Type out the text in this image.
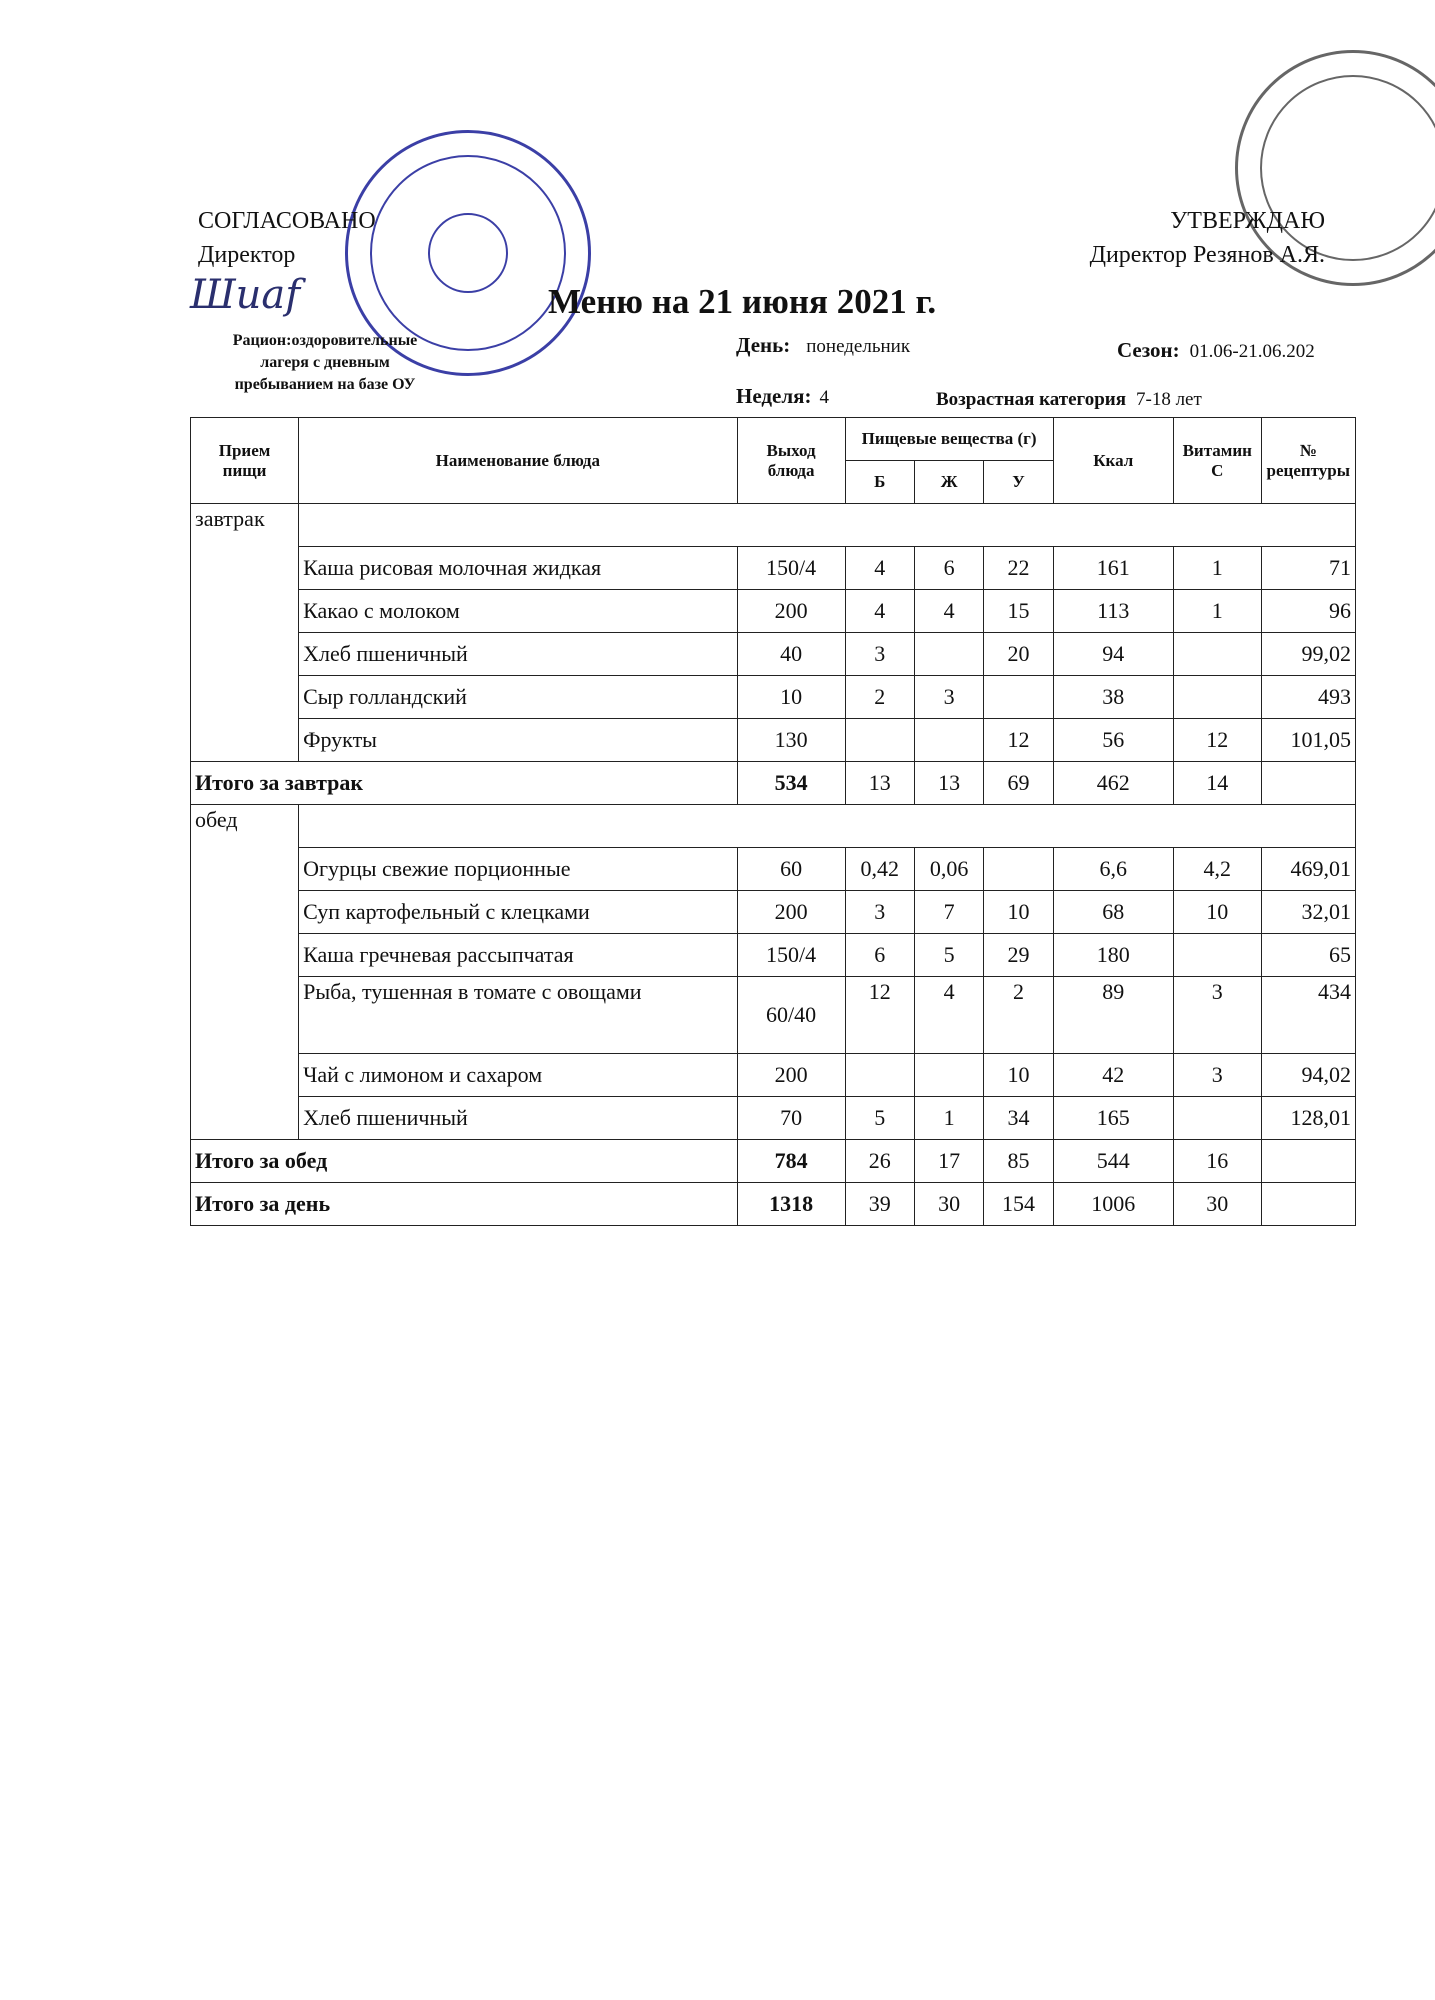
СОГЛАСОВАНО
Директор
УТВЕРЖДАЮ
Директор Резянов А.Я.
Шиаf	Меню на 21 июня 2021 г.
Рацион:оздоровительные
лагеря с дневным
пребыванием на базе ОУ
День: понедельник	Сезон: 01.06-21.06.202
Неделя: 4	Возрастная категория 7-18 лет
Прием пищи	Наименование блюда	Выход блюда	Пищевые вещества (г)			Ккал	Витамин С	№ рецептуры
			Б	Ж	У			
завтрак								
	Каша рисовая молочная жидкая	150/4	4	6	22	161	1	71
	Какао с молоком	200	4	4	15	113	1	96
	Хлеб пшеничный	40	3		20	94		99,02
	Сыр голландский	10	2	3		38		493
	Фрукты	130			12	56	12	101,05
Итого за завтрак		534	13	13	69	462	14	
обед								
	Огурцы свежие порционные	60	0,42	0,06		6,6	4,2	469,01
	Суп картофельный с клецками	200	3	7	10	68	10	32,01
	Каша гречневая рассыпчатая	150/4	6	5	29	180		65
	Рыба, тушенная в томате с овощами	60/40	12	4	2	89	3	434
	Чай с лимоном и сахаром	200			10	42	3	94,02
	Хлеб пшеничный	70	5	1	34	165		128,01
Итого за обед		784	26	17	85	544	16	
Итого за день		1318	39	30	154	1006	30	
